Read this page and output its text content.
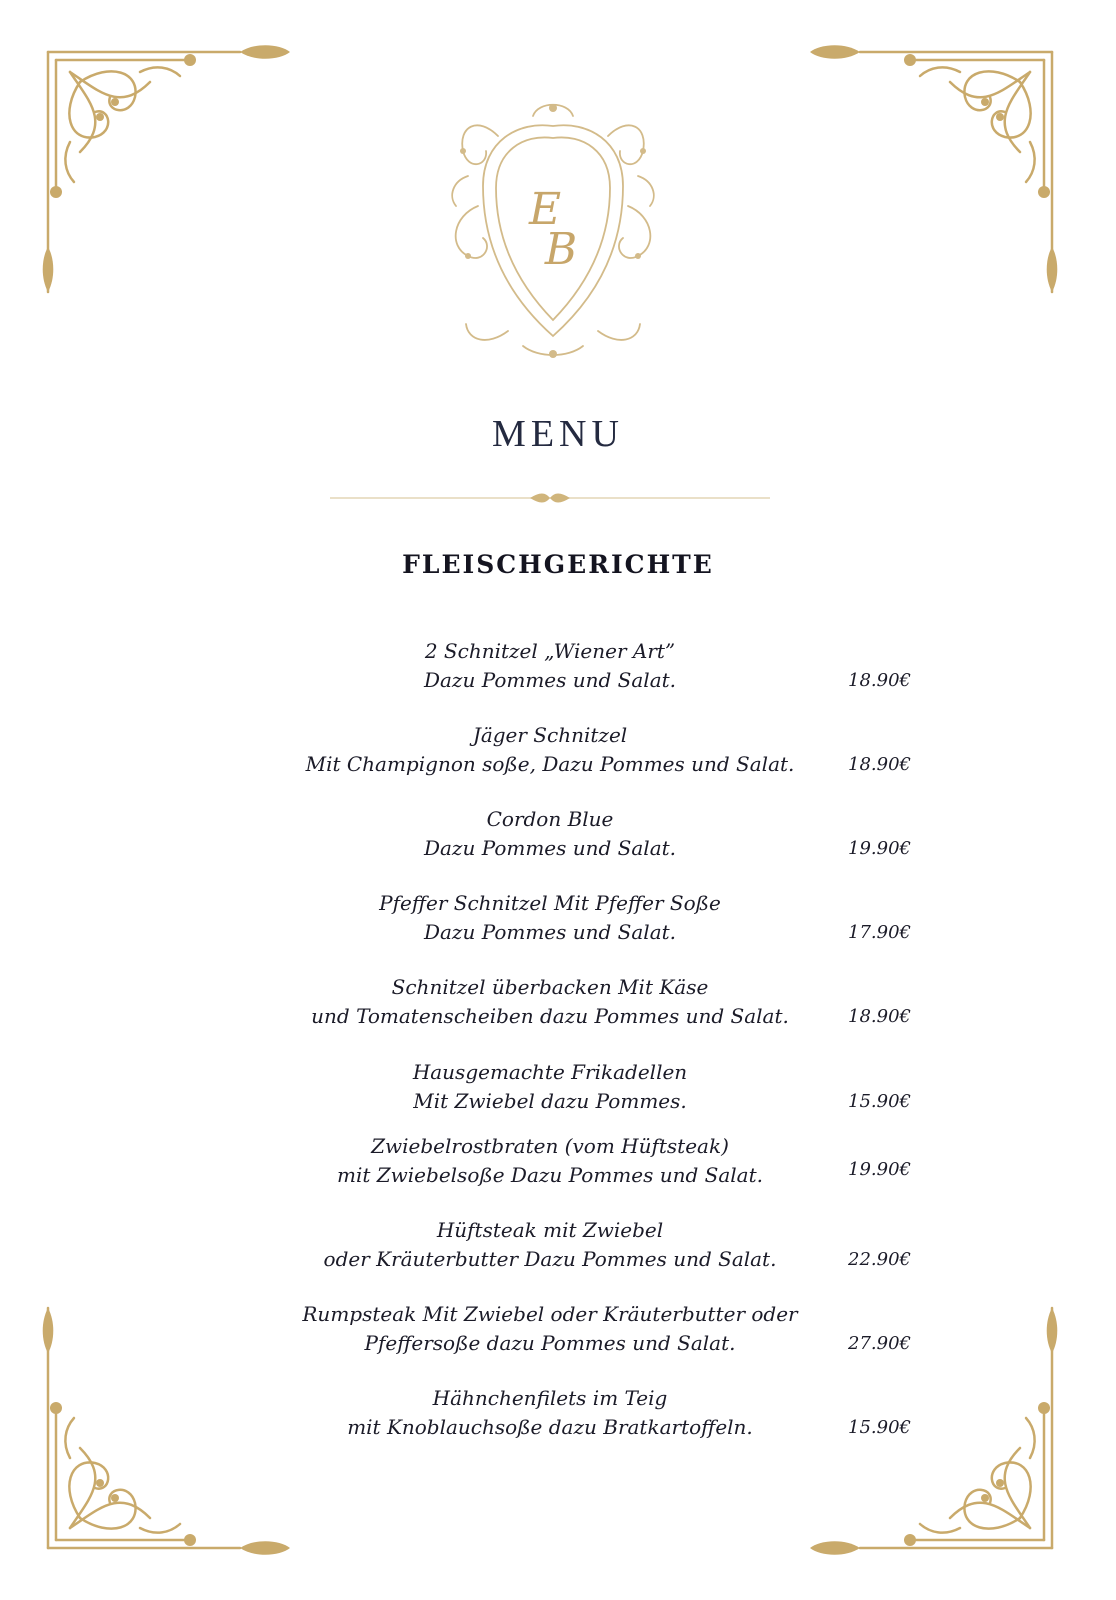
E
B
MENU
FLEISCHGERICHTE
2 Schnitzel „Wiener Art”
Dazu Pommes und Salat.	18.90€
Jäger Schnitzel
Mit Champignon soße, Dazu Pommes und Salat.	18.90€
Cordon Blue
Dazu Pommes und Salat.	19.90€
Pfeffer Schnitzel Mit Pfeffer Soße
Dazu Pommes und Salat.	17.90€
Schnitzel überbacken Mit Käse
und Tomatenscheiben dazu Pommes und Salat.	18.90€
Hausgemachte Frikadellen
Mit Zwiebel dazu Pommes.	15.90€
Zwiebelrostbraten (vom Hüftsteak)
mit Zwiebelsoße Dazu Pommes und Salat.	19.90€
Hüftsteak mit Zwiebel
oder Kräuterbutter Dazu Pommes und Salat.	22.90€
Rumpsteak Mit Zwiebel oder Kräuterbutter oder
Pfeffersoße dazu Pommes und Salat.	27.90€
Hähnchenfilets im Teig
mit Knoblauchsoße dazu Bratkartoffeln.	15.90€
